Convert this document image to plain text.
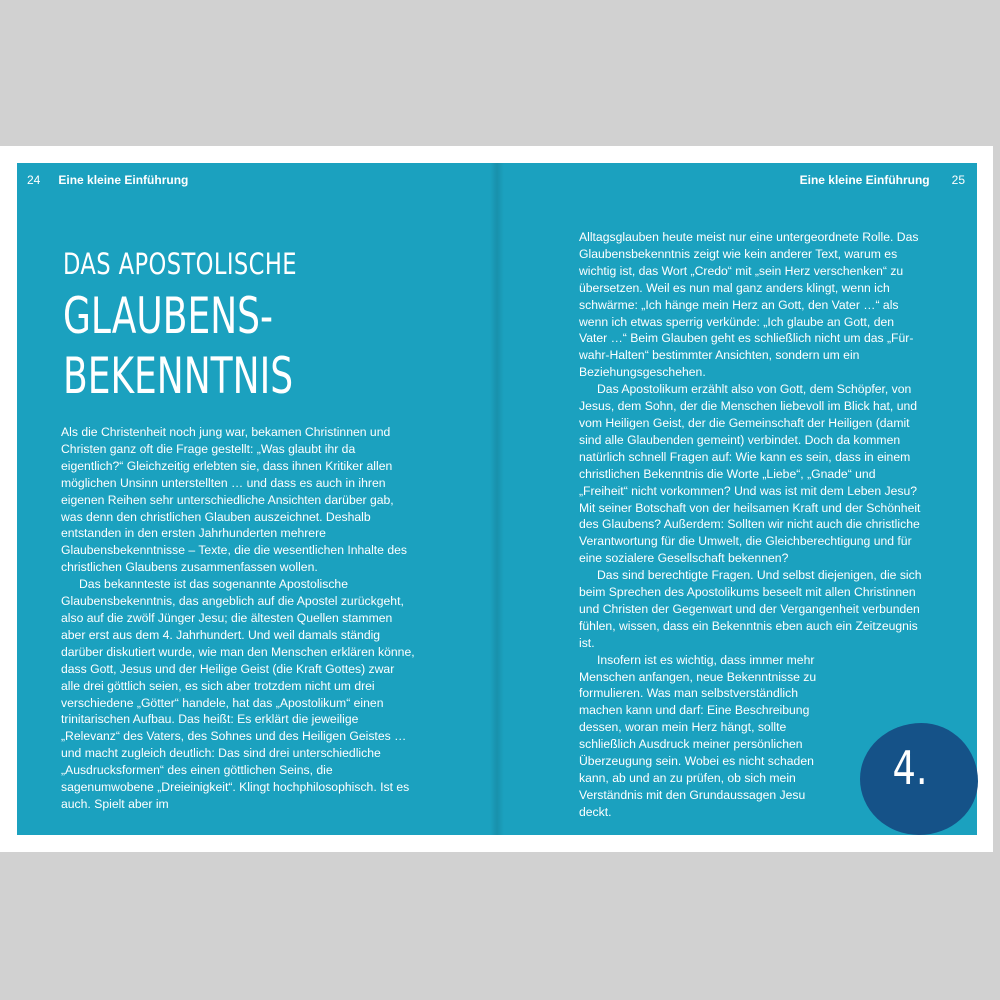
24 Eine kleine Einführung
DAS APOSTOLISCHE
GLAUBENS-
BEKENNTNIS

Als die Christenheit noch jung war, bekamen Christinnen und Christen ganz oft die Frage gestellt: „Was glaubt ihr da eigentlich?“ Gleichzeitig erlebten sie, dass ihnen Kritiker allen möglichen Unsinn unterstellten … und dass es auch in ihren eigenen Reihen sehr unterschiedliche Ansichten darüber gab, was denn den christlichen Glauben auszeichnet. Deshalb entstanden in den ersten Jahrhunderten mehrere Glaubensbekenntnisse – Texte, die die wesentlichen Inhalte des christlichen Glaubens zusammenfassen wollen.

Das bekannteste ist das sogenannte Apostolische Glaubensbekenntnis, das angeblich auf die Apostel zurückgeht, also auf die zwölf Jünger Jesu; die ältesten Quellen stammen aber erst aus dem 4. Jahrhundert. Und weil damals ständig darüber diskutiert wurde, wie man den Menschen erklären könne, dass Gott, Jesus und der Heilige Geist (die Kraft Gottes) zwar alle drei göttlich seien, es sich aber trotzdem nicht um drei verschiedene „Götter“ handele, hat das „Apostolikum“ einen trinitarischen Aufbau. Das heißt: Es erklärt die jeweilige „Relevanz“ des Vaters, des Sohnes und des Heiligen Geistes … und macht zugleich deutlich: Das sind drei unterschiedliche „Ausdrucksformen“ des einen göttlichen Seins, die sagenumwobene „Dreieinigkeit“. Klingt hochphilosophisch. Ist es auch. Spielt aber im

Eine kleine Einführung 25

Alltagsglauben heute meist nur eine untergeordnete Rolle. Das Glaubensbekenntnis zeigt wie kein anderer Text, warum es wichtig ist, das Wort „Credo“ mit „sein Herz verschenken“ zu übersetzen. Weil es nun mal ganz anders klingt, wenn ich schwärme: „Ich hänge mein Herz an Gott, den Vater …“ als wenn ich etwas sperrig verkünde: „Ich glaube an Gott, den Vater …“ Beim Glauben geht es schließlich nicht um das „Für-wahr-Halten“ bestimmter Ansichten, sondern um ein Beziehungsgeschehen.

Das Apostolikum erzählt also von Gott, dem Schöpfer, von Jesus, dem Sohn, der die Menschen liebevoll im Blick hat, und vom Heiligen Geist, der die Gemeinschaft der Heiligen (damit sind alle Glaubenden gemeint) verbindet. Doch da kommen natürlich schnell Fragen auf: Wie kann es sein, dass in einem christlichen Bekenntnis die Worte „Liebe“, „Gnade“ und „Freiheit“ nicht vorkommen? Und was ist mit dem Leben Jesu? Mit seiner Botschaft von der heilsamen Kraft und der Schönheit des Glaubens? Außerdem: Sollten wir nicht auch die christliche Verantwortung für die Umwelt, die Gleichberechtigung und für eine sozialere Gesellschaft bekennen?

Das sind berechtigte Fragen. Und selbst diejenigen, die sich beim Sprechen des Apostolikums beseelt mit allen Christinnen und Christen der Gegenwart und der Vergangenheit verbunden fühlen, wissen, dass ein Bekenntnis eben auch ein Zeitzeugnis ist.

Insofern ist es wichtig, dass immer mehr Menschen anfangen, neue Bekenntnisse zu formulieren. Was man selbstverständlich machen kann und darf: Eine Beschreibung dessen, woran mein Herz hängt, sollte schließlich Ausdruck meiner persönlichen Überzeugung sein. Wobei es nicht schaden kann, ab und an zu prüfen, ob sich mein Verständnis mit den Grundaussagen Jesu deckt.

4.
